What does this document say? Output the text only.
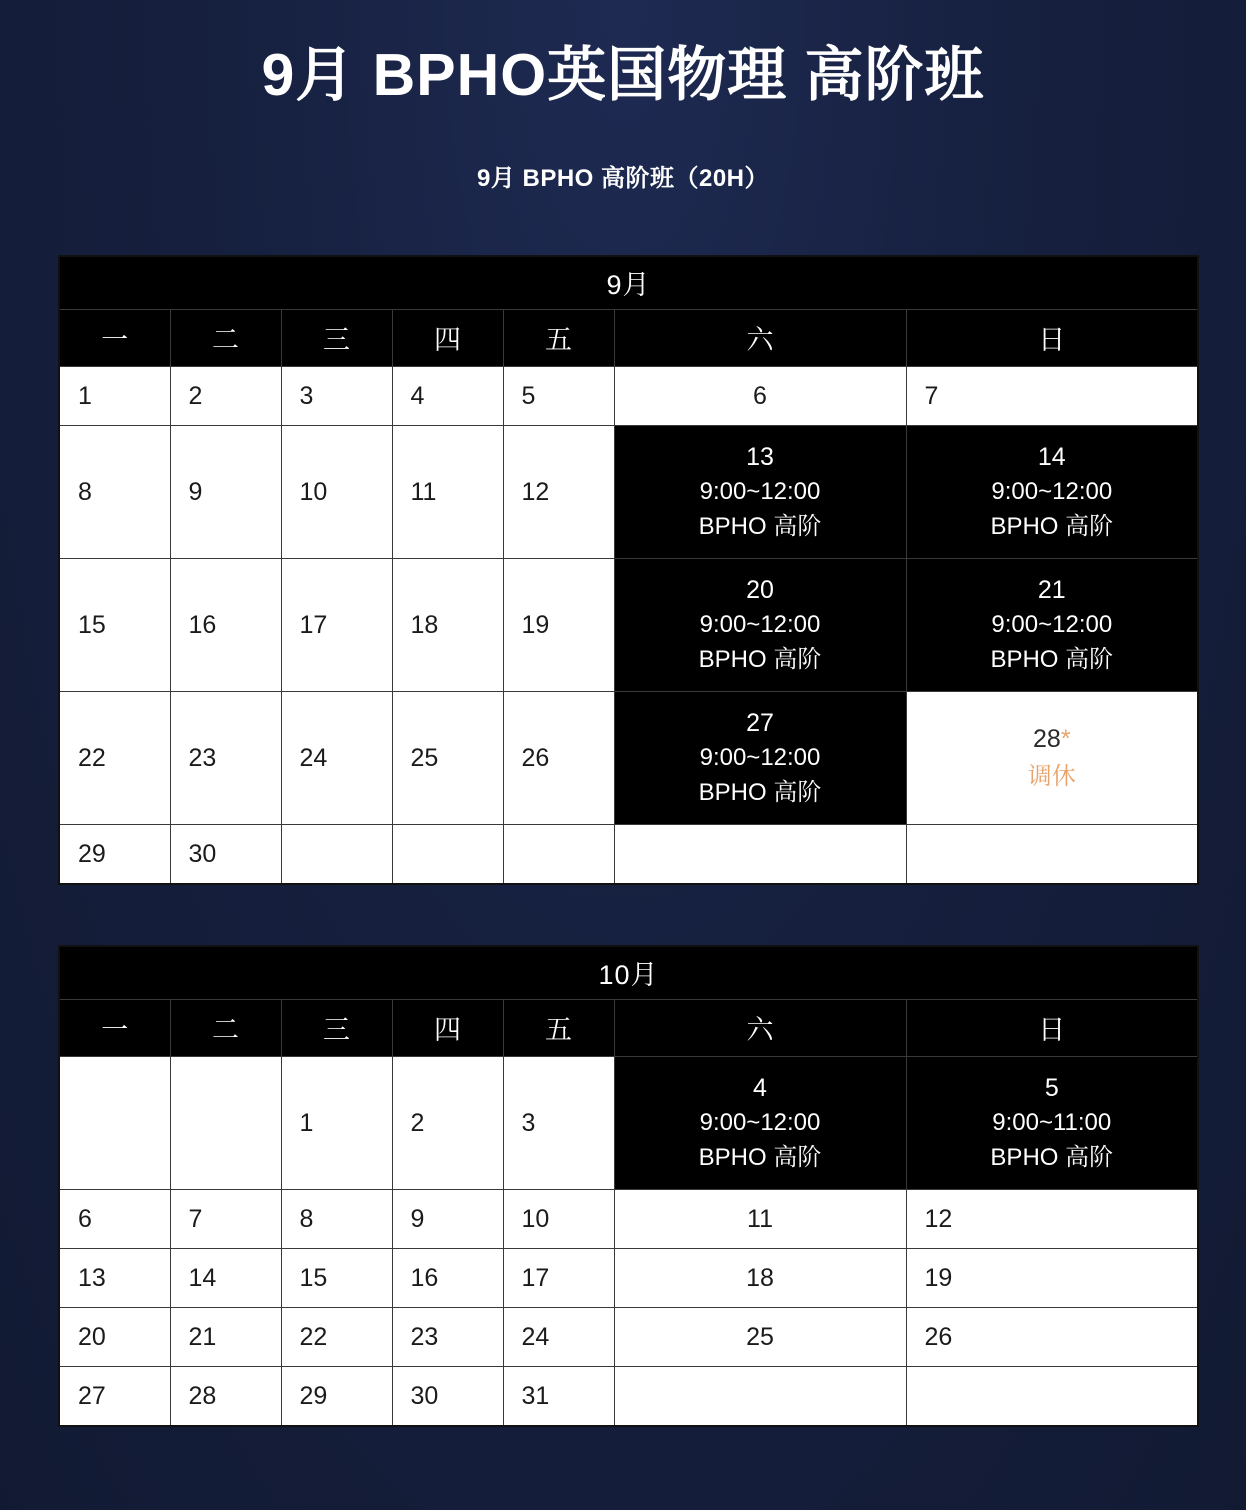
9月 BPHO英国物理 高阶班
9月 BPHO 高阶班（20H）
9月						
一	二	三	四	五	六	日

1	2	3	4	5	6	7

8	9	10	11	12	13
9:00~12:00
BPHO 高阶	14
9:00~12:00
BPHO 高阶

15	16	17	18	19	20
9:00~12:00
BPHO 高阶	21
9:00~12:00
BPHO 高阶

22	23	24	25	26	27
9:00~12:00
BPHO 高阶	28*
调休

29	30					

10月						
一	二	三	四	五	六	日

		1	2	3	4
9:00~12:00
BPHO 高阶	5
9:00~11:00
BPHO 高阶

6	7	8	9	10	11	12

13	14	15	16	17	18	19

20	21	22	23	24	25	26

27	28	29	30	31		
